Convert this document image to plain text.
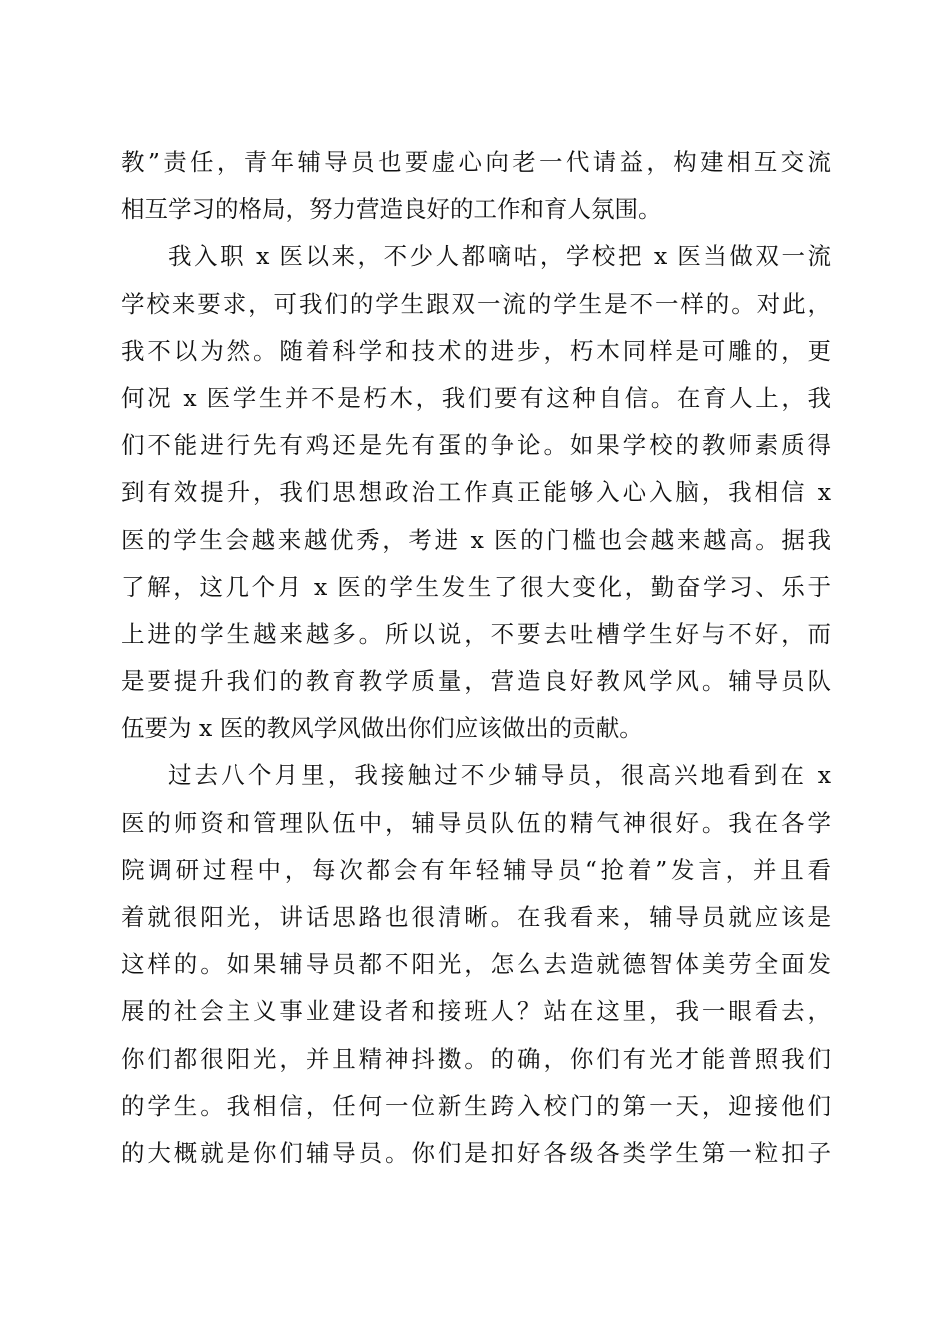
教”责任，青年辅导员也要虚心向老一代请益，构建相互交流
相互学习的格局，努力营造良好的工作和育人氛围。
我入职 x 医以来，不少人都嘀咕，学校把 x 医当做双一流
学校来要求，可我们的学生跟双一流的学生是不一样的。对此，
我不以为然。随着科学和技术的进步，朽木同样是可雕的，更
何况 x 医学生并不是朽木，我们要有这种自信。在育人上，我
们不能进行先有鸡还是先有蛋的争论。如果学校的教师素质得
到有效提升，我们思想政治工作真正能够入心入脑，我相信 x
医的学生会越来越优秀，考进 x 医的门槛也会越来越高。据我
了解，这几个月 x 医的学生发生了很大变化，勤奋学习、乐于
上进的学生越来越多。所以说，不要去吐槽学生好与不好，而
是要提升我们的教育教学质量，营造良好教风学风。辅导员队
伍要为 x 医的教风学风做出你们应该做出的贡献。
过去八个月里，我接触过不少辅导员，很高兴地看到在 x
医的师资和管理队伍中，辅导员队伍的精气神很好。我在各学
院调研过程中，每次都会有年轻辅导员“抢着”发言，并且看
着就很阳光，讲话思路也很清晰。在我看来，辅导员就应该是
这样的。如果辅导员都不阳光，怎么去造就德智体美劳全面发
展的社会主义事业建设者和接班人？站在这里，我一眼看去，
你们都很阳光，并且精神抖擞。的确，你们有光才能普照我们
的学生。我相信，任何一位新生跨入校门的第一天，迎接他们
的大概就是你们辅导员。你们是扣好各级各类学生第一粒扣子
